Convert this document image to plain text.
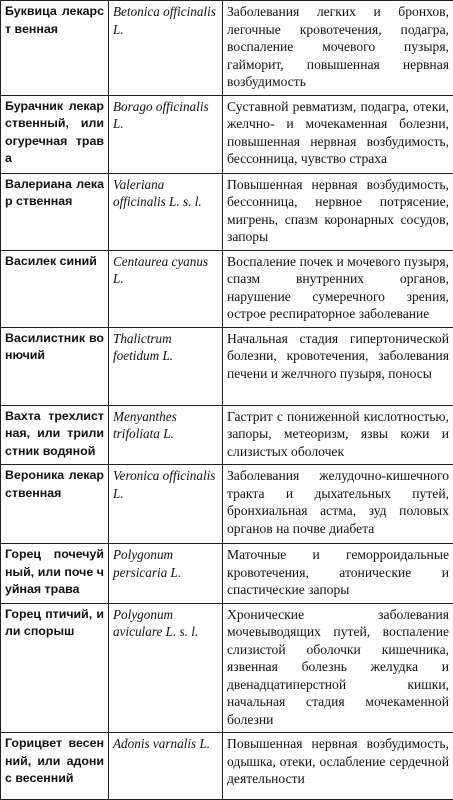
Буквица лекарст венная	Betonica officinalis L.	Заболевания легких и бронхов, легочные кровотечения, подагра, воспаление мочевого пузыря, гайморит, повышенная нервная возбудимость
Бурачник лекар ственный, или огуречная трава	Borago officinalis L.	Суставной ревматизм, подагра, отеки, желчно- и мочекаменная болезни, повышенная нервная возбудимость, бессонница, чувство страха
Валериана лекар ственная	Valeriana officinalis L. s. l.	Повышенная нервная возбудимость, бессонница, нервное потрясение, мигрень, спазм коронарных сосудов, запоры
Василек синий	Centaurea cyanus L.	Воспаление почек и мочевого пузыря, спазм внутренних органов, нарушение сумеречного зрения, острое респираторное заболевание
Василистник во нючий	Thalictrum foetidum L.	Начальная стадия гипертонической болезни, кровотечения, заболевания печени и желчного пузыря, поносы
Вахта трехлист ная, или трили стник водяной	Menyanthes trifoliata L.	Гастрит с пониженной кислотностью, запоры, метеоризм, язвы кожи и слизистых оболочек
Вероника лекар ственная	Veronica officinalis L.	Заболевания желудочно-кишечного тракта и дыхательных путей, бронхиальная астма, зуд половых органов на почве диабета
Горец почечуй ный, или поче чуйная трава	Polygonum persicaria L.	Маточные и геморроидальные кровотечения, атонические и спастические запоры
Горец птичий, или спорыш	Polygonum aviculare L. s. l.	Хронические заболевания мочевыводящих путей, воспаление слизистой оболочки кишечника, язвенная болезнь желудка и двенадцатиперстной кишки, начальная стадия мочекаменной болезни
Горицвет весен ний, или адонис весенний	Adonis varnalis L.	Повышенная нервная возбудимость, одышка, отеки, ослабление сердечной деятельности
